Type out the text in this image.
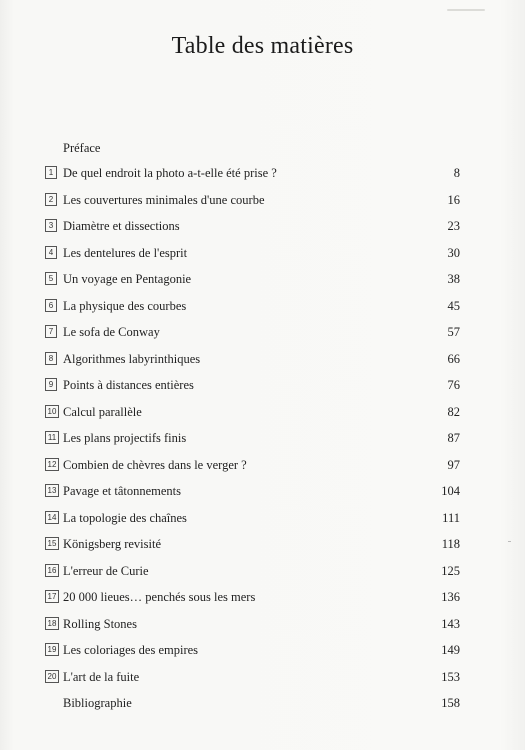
Table des matières
Préface
1 De quel endroit la photo a-t-elle été prise ?	8
2 Les couvertures minimales d'une courbe	16
3 Diamètre et dissections	23
4 Les dentelures de l'esprit	30
5 Un voyage en Pentagonie	38
6 La physique des courbes	45
7 Le sofa de Conway	57
8 Algorithmes labyrinthiques	66
9 Points à distances entières	76
10 Calcul parallèle	82
11 Les plans projectifs finis	87
12 Combien de chèvres dans le verger ?	97
13 Pavage et tâtonnements	104
14 La topologie des chaînes	111
15 Königsberg revisité	118
16 L'erreur de Curie	125
17 20 000 lieues… penchés sous les mers	136
18 Rolling Stones	143
19 Les coloriages des empires	149
20 L'art de la fuite	153
Bibliographie	158
